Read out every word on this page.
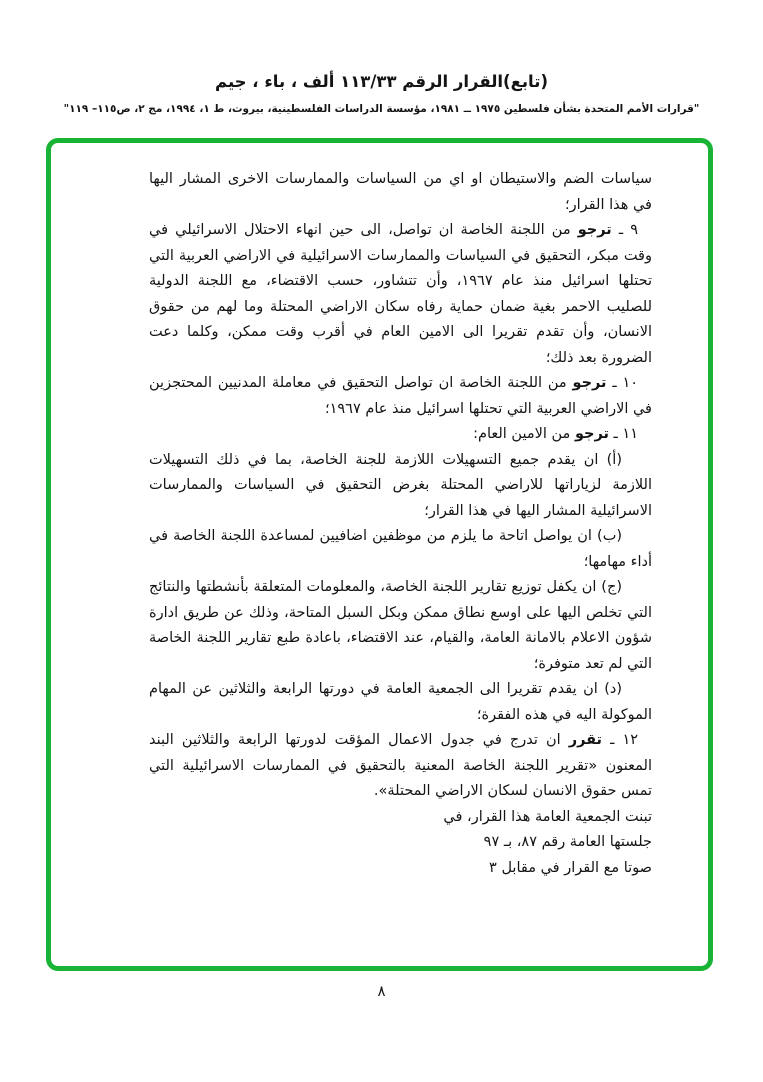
(تابع)القرار الرقم ١١٣/٣٣ ألف ، باء ، جيم
"قرارات الأمم المتحدة بشأن فلسطين ١٩٧٥ ــ ١٩٨١، مؤسسة الدراسات الفلسطينية، بيروت، ط ١، ١٩٩٤، مج ٢، ص١١٥– ١١٩"

سياسات الضم والاستيطان او اي من السياسات والممارسات الاخرى المشار اليها في هذا القرار؛

٩ ـ ترجو من اللجنة الخاصة ان تواصل، الى حين انهاء الاحتلال الاسرائيلي في وقت مبكر، التحقيق في السياسات والممارسات الاسرائيلية في الاراضي العربية التي تحتلها اسرائيل منذ عام ١٩٦٧، وأن تتشاور، حسب الاقتضاء، مع اللجنة الدولية للصليب الاحمر بغية ضمان حماية رفاه سكان الاراضي المحتلة وما لهم من حقوق الانسان، وأن تقدم تقريرا الى الامين العام في أقرب وقت ممكن، وكلما دعت الضرورة بعد ذلك؛

١٠ ـ ترجو من اللجنة الخاصة ان تواصل التحقيق في معاملة المدنيين المحتجزين في الاراضي العربية التي تحتلها اسرائيل منذ عام ١٩٦٧؛

١١ ـ ترجو من الامين العام:

(أ) ان يقدم جميع التسهيلات اللازمة للجنة الخاصة، بما في ذلك التسهيلات اللازمة لزياراتها للاراضي المحتلة بغرض التحقيق في السياسات والممارسات الاسرائيلية المشار اليها في هذا القرار؛

(ب) ان يواصل اتاحة ما يلزم من موظفين اضافيين لمساعدة اللجنة الخاصة في أداء مهامها؛

(ج) ان يكفل توزيع تقارير اللجنة الخاصة، والمعلومات المتعلقة بأنشطتها والنتائج التي تخلص اليها على اوسع نطاق ممكن وبكل السبل المتاحة، وذلك عن طريق ادارة شؤون الاعلام بالامانة العامة، والقيام، عند الاقتضاء، باعادة طبع تقارير اللجنة الخاصة التي لم تعد متوفرة؛

(د) ان يقدم تقريرا الى الجمعية العامة في دورتها الرابعة والثلاثين عن المهام الموكولة اليه في هذه الفقرة؛

١٢ ـ تقرر ان تدرج في جدول الاعمال المؤقت لدورتها الرابعة والثلاثين البند المعنون «تقرير اللجنة الخاصة المعنية بالتحقيق في الممارسات الاسرائيلية التي تمس حقوق الانسان لسكان الاراضي المحتلة».

تبنت الجمعية العامة هذا القرار، في
جلستها العامة رقم ٨٧، بـ ٩٧
صوتا مع القرار في مقابل ٣
٨
